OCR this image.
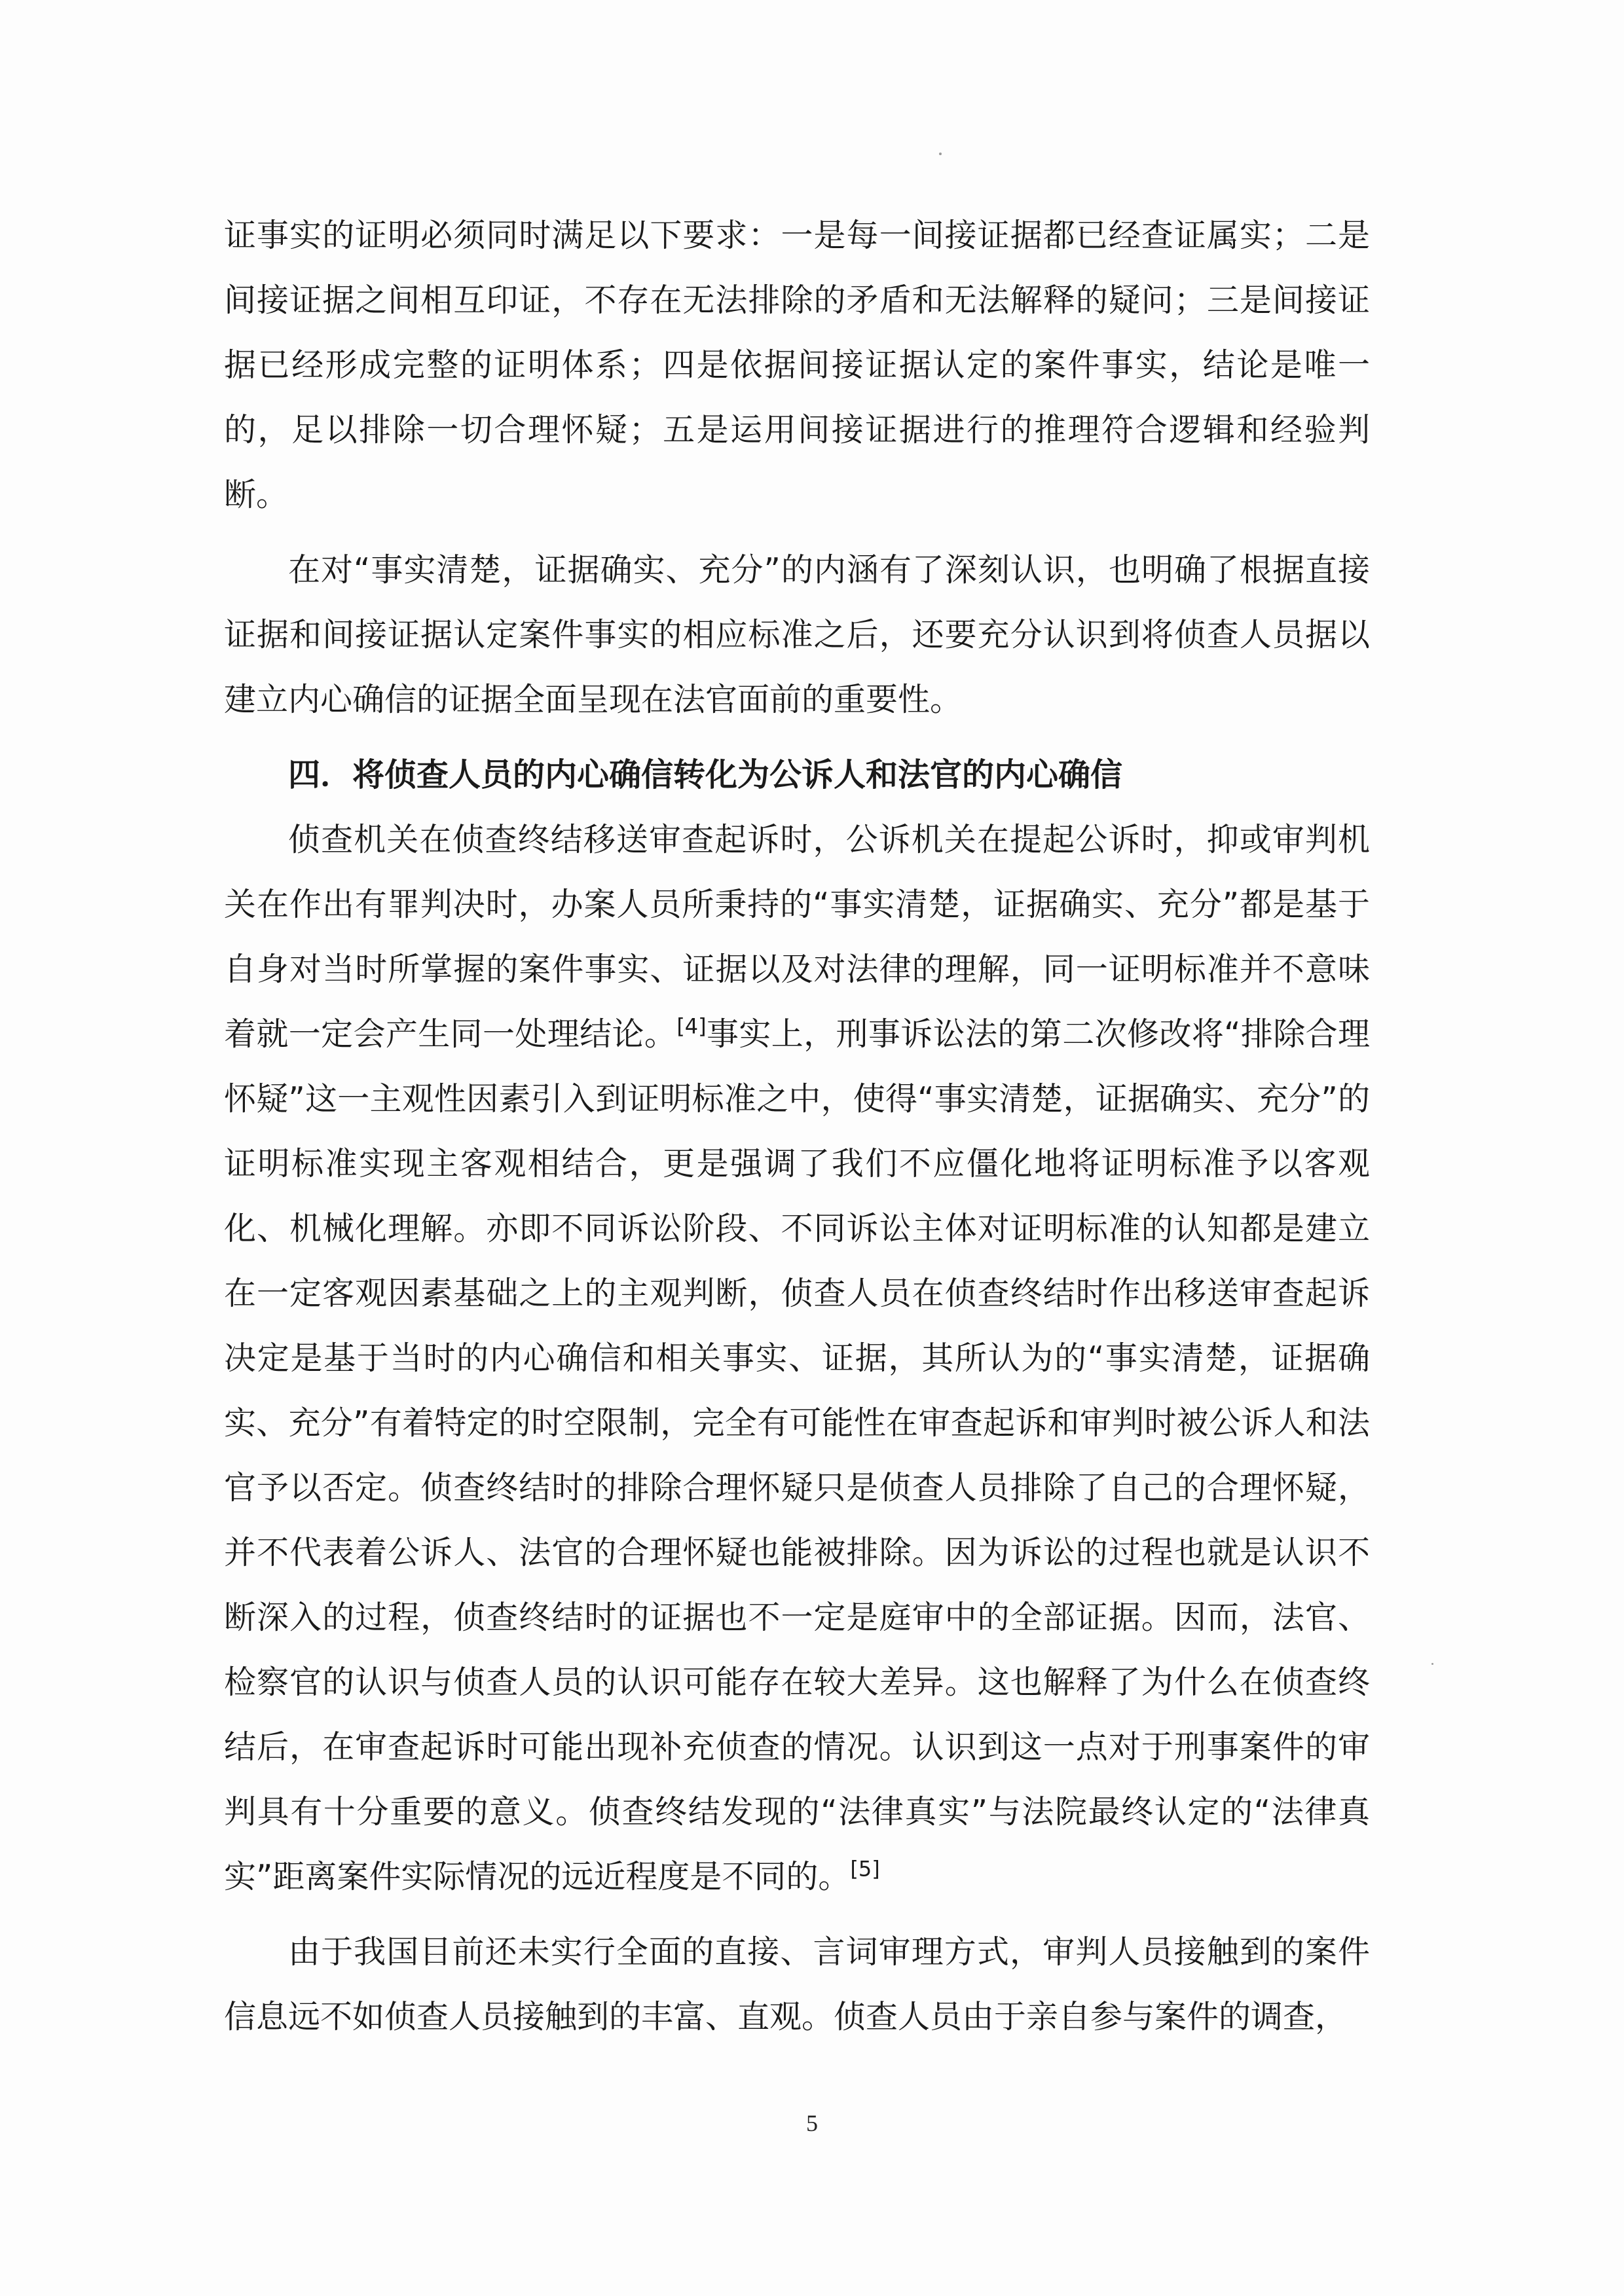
证事实的证明必须同时满足以下要求：一是每一间接证据都已经查证属实；二是间接证据之间相互印证，不存在无法排除的矛盾和无法解释的疑问；三是间接证据已经形成完整的证明体系；四是依据间接证据认定的案件事实，结论是唯一的，足以排除一切合理怀疑；五是运用间接证据进行的推理符合逻辑和经验判断。

在对“事实清楚，证据确实、充分”的内涵有了深刻认识，也明确了根据直接证据和间接证据认定案件事实的相应标准之后，还要充分认识到将侦查人员据以建立内心确信的证据全面呈现在法官面前的重要性。

四．将侦查人员的内心确信转化为公诉人和法官的内心确信

侦查机关在侦查终结移送审查起诉时，公诉机关在提起公诉时，抑或审判机关在作出有罪判决时，办案人员所秉持的“事实清楚，证据确实、充分”都是基于自身对当时所掌握的案件事实、证据以及对法律的理解，同一证明标准并不意味着就一定会产生同一处理结论。[4]事实上，刑事诉讼法的第二次修改将“排除合理怀疑”这一主观性因素引入到证明标准之中，使得“事实清楚，证据确实、充分”的证明标准实现主客观相结合，更是强调了我们不应僵化地将证明标准予以客观化、机械化理解。亦即不同诉讼阶段、不同诉讼主体对证明标准的认知都是建立在一定客观因素基础之上的主观判断，侦查人员在侦查终结时作出移送审查起诉决定是基于当时的内心确信和相关事实、证据，其所认为的“事实清楚，证据确实、充分”有着特定的时空限制，完全有可能性在审查起诉和审判时被公诉人和法官予以否定。侦查终结时的排除合理怀疑只是侦查人员排除了自己的合理怀疑，并不代表着公诉人、法官的合理怀疑也能被排除。因为诉讼的过程也就是认识不断深入的过程，侦查终结时的证据也不一定是庭审中的全部证据。因而，法官、检察官的认识与侦查人员的认识可能存在较大差异。这也解释了为什么在侦查终结后，在审查起诉时可能出现补充侦查的情况。认识到这一点对于刑事案件的审判具有十分重要的意义。侦查终结发现的“法律真实”与法院最终认定的“法律真实”距离案件实际情况的远近程度是不同的。[5]

由于我国目前还未实行全面的直接、言词审理方式，审判人员接触到的案件信息远不如侦查人员接触到的丰富、直观。侦查人员由于亲自参与案件的调查，

5
